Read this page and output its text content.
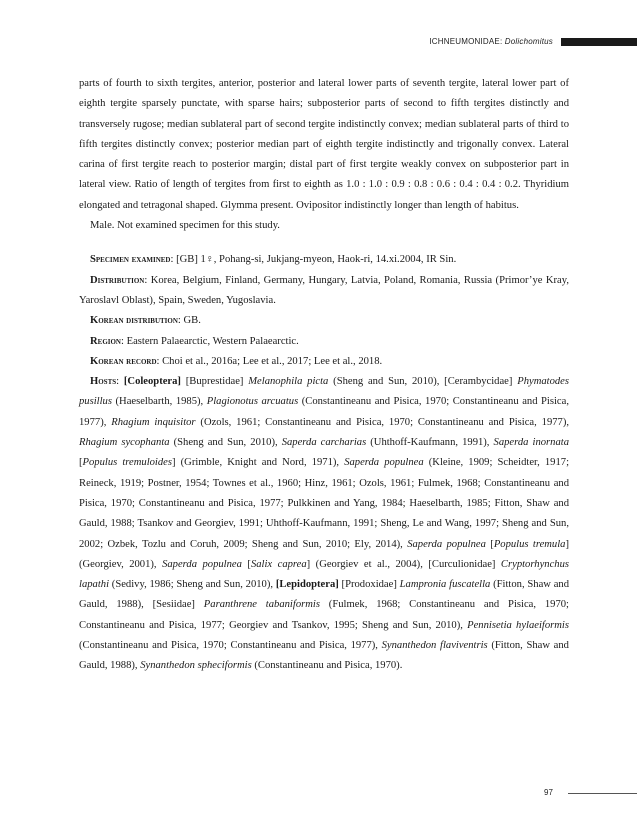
ICHNEUMONIDAE: Dolichomitus

parts of fourth to sixth tergites, anterior, posterior and lateral lower parts of seventh tergite, lateral lower part of eighth tergite sparsely punctate, with sparse hairs; subposterior parts of second to fifth tergites distinctly and transversely rugose; median sublateral part of second tergite indistinctly convex; median sublateral parts of third to fifth tergites distinctly convex; posterior median part of eighth tergite indistinctly and trigonally convex. Lateral carina of first tergite reach to posterior margin; distal part of first tergite weakly convex on subposterior part in lateral view. Ratio of length of tergites from first to eighth as 1.0 : 1.0 : 0.9 : 0.8 : 0.6 : 0.4 : 0.4 : 0.2. Thyridium elongated and tetragonal shaped. Glymma present. Ovipositor indistinctly longer than length of habitus.

Male. Not examined specimen for this study.

Specimen examined: [GB] 1♀, Pohang-si, Jukjang-myeon, Haok-ri, 14.xi.2004, IR Sin.

Distribution: Korea, Belgium, Finland, Germany, Hungary, Latvia, Poland, Romania, Russia (Primor’ye Kray, Yaroslavl Oblast), Spain, Sweden, Yugoslavia.

Korean distribution: GB.

Region: Eastern Palaearctic, Western Palaearctic.

Korean record: Choi et al., 2016a; Lee et al., 2017; Lee et al., 2018.

Hosts: [Coleoptera] [Buprestidae] Melanophila picta (Sheng and Sun, 2010), [Cerambycidae] Phymatodes pusillus (Haeselbarth, 1985), Plagionotus arcuatus (Constantineanu and Pisica, 1970; Constantineanu and Pisica, 1977), Rhagium inquisitor (Ozols, 1961; Constantineanu and Pisica, 1970; Constantineanu and Pisica, 1977), Rhagium sycophanta (Sheng and Sun, 2010), Saperda carcharias (Uhthoff-Kaufmann, 1991), Saperda inornata [Populus tremuloides] (Grimble, Knight and Nord, 1971), Saperda populnea (Kleine, 1909; Scheidter, 1917; Reineck, 1919; Postner, 1954; Townes et al., 1960; Hinz, 1961; Ozols, 1961; Fulmek, 1968; Constantineanu and Pisica, 1970; Constantineanu and Pisica, 1977; Pulkkinen and Yang, 1984; Haeselbarth, 1985; Fitton, Shaw and Gauld, 1988; Tsankov and Georgiev, 1991; Uhthoff-Kaufmann, 1991; Sheng, Le and Wang, 1997; Sheng and Sun, 2002; Ozbek, Tozlu and Coruh, 2009; Sheng and Sun, 2010; Ely, 2014), Saperda populnea [Populus tremula] (Georgiev, 2001), Saperda populnea [Salix caprea] (Georgiev et al., 2004), [Curculionidae] Cryptorhynchus lapathi (Sedivy, 1986; Sheng and Sun, 2010), [Lepidoptera] [Prodoxidae] Lampronia fuscatella (Fitton, Shaw and Gauld, 1988), [Sesiidae] Paranthrene tabaniformis (Fulmek, 1968; Constantineanu and Pisica, 1970; Constantineanu and Pisica, 1977; Georgiev and Tsankov, 1995; Sheng and Sun, 2010), Pennisetia hylaeiformis (Constantineanu and Pisica, 1970; Constantineanu and Pisica, 1977), Synanthedon flaviventris (Fitton, Shaw and Gauld, 1988), Synanthedon spheciformis (Constantineanu and Pisica, 1970).

97
